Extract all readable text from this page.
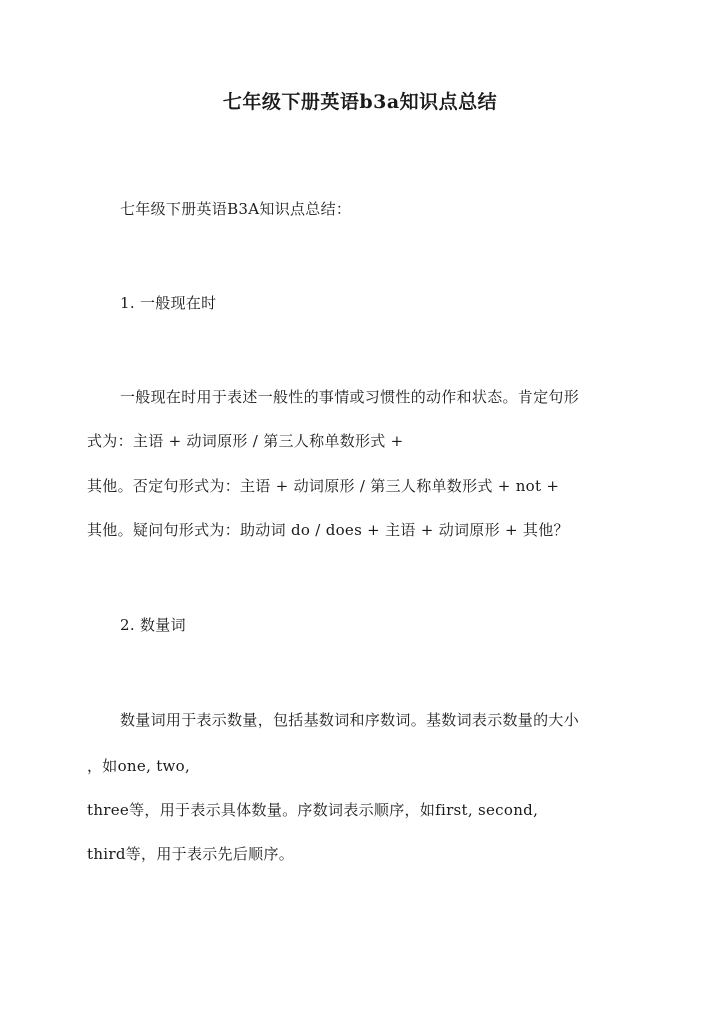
七年级下册英语b3a知识点总结
七年级下册英语B3A知识点总结：
1. 一般现在时
一般现在时用于表述一般性的事情或习惯性的动作和状态。肯定句形
式为：主语 + 动词原形 / 第三人称单数形式 +
其他。否定句形式为：主语 + 动词原形 / 第三人称单数形式 + not +
其他。疑问句形式为：助动词 do / does + 主语 + 动词原形 + 其他？
2. 数量词
数量词用于表示数量，包括基数词和序数词。基数词表示数量的大小
，如one, two,
three等，用于表示具体数量。序数词表示顺序，如first, second,
third等，用于表示先后顺序。
